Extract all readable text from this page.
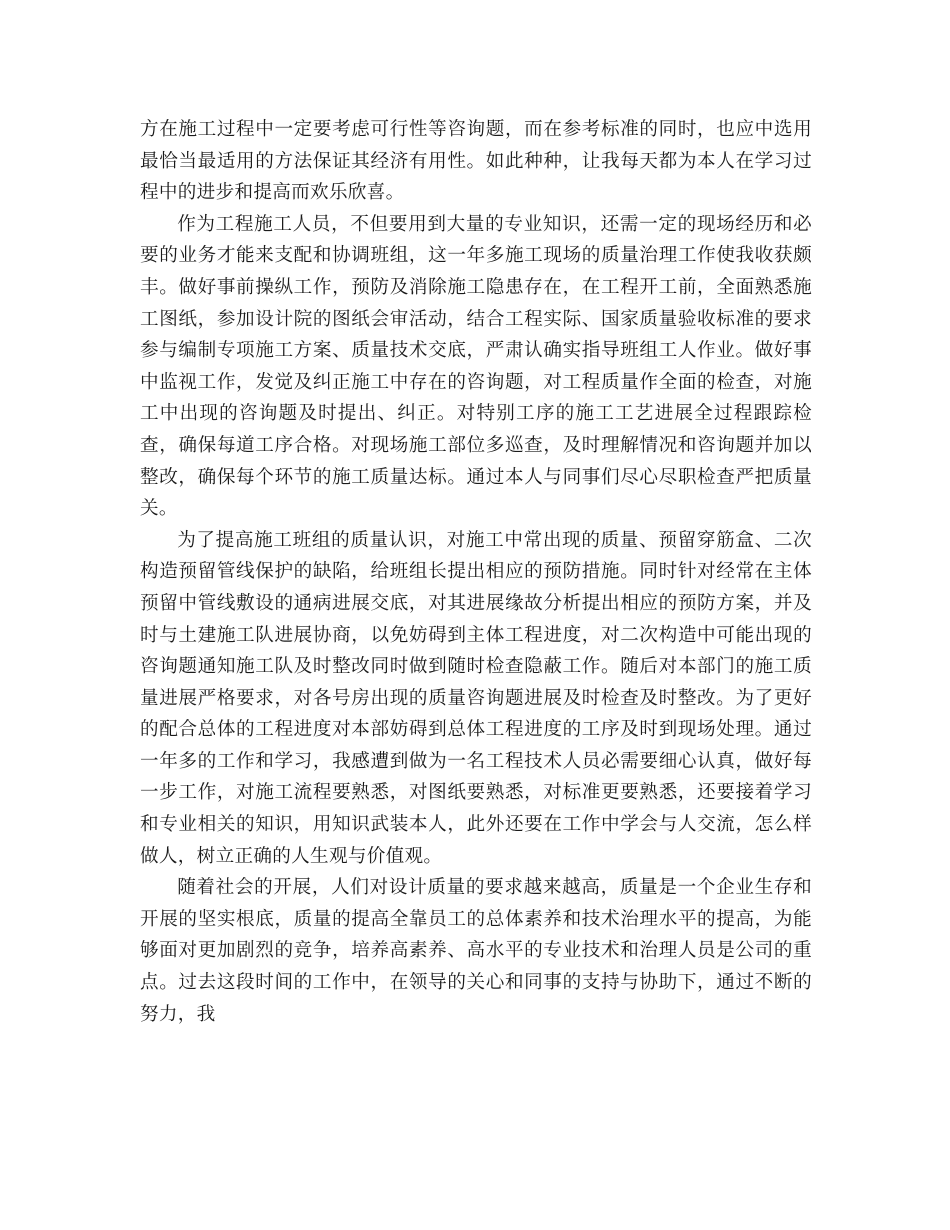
方在施工过程中一定要考虑可行性等咨询题，而在参考标准的同时，也应中选用最恰当最适用的方法保证其经济有用性。如此种种，让我每天都为本人在学习过程中的进步和提高而欢乐欣喜。

作为工程施工人员，不但要用到大量的专业知识，还需一定的现场经历和必要的业务才能来支配和协调班组，这一年多施工现场的质量治理工作使我收获颇丰。做好事前操纵工作，预防及消除施工隐患存在，在工程开工前，全面熟悉施工图纸，参加设计院的图纸会审活动，结合工程实际、国家质量验收标准的要求参与编制专项施工方案、质量技术交底，严肃认确实指导班组工人作业。做好事中监视工作，发觉及纠正施工中存在的咨询题，对工程质量作全面的检查，对施工中出现的咨询题及时提出、纠正。对特别工序的施工工艺进展全过程跟踪检查，确保每道工序合格。对现场施工部位多巡查，及时理解情况和咨询题并加以整改，确保每个环节的施工质量达标。通过本人与同事们尽心尽职检查严把质量关。

为了提高施工班组的质量认识，对施工中常出现的质量、预留穿筋盒、二次构造预留管线保护的缺陷，给班组长提出相应的预防措施。同时针对经常在主体预留中管线敷设的通病进展交底，对其进展缘故分析提出相应的预防方案，并及时与土建施工队进展协商，以免妨碍到主体工程进度，对二次构造中可能出现的咨询题通知施工队及时整改同时做到随时检查隐蔽工作。随后对本部门的施工质量进展严格要求，对各号房出现的质量咨询题进展及时检查及时整改。为了更好的配合总体的工程进度对本部妨碍到总体工程进度的工序及时到现场处理。通过一年多的工作和学习，我感遭到做为一名工程技术人员必需要细心认真，做好每一步工作，对施工流程要熟悉，对图纸要熟悉，对标准更要熟悉，还要接着学习和专业相关的知识，用知识武装本人，此外还要在工作中学会与人交流，怎么样做人，树立正确的人生观与价值观。

随着社会的开展，人们对设计质量的要求越来越高，质量是一个企业生存和开展的坚实根底，质量的提高全靠员工的总体素养和技术治理水平的提高，为能够面对更加剧烈的竞争，培养高素养、高水平的专业技术和治理人员是公司的重点。过去这段时间的工作中，在领导的关心和同事的支持与协助下，通过不断的努力，我
